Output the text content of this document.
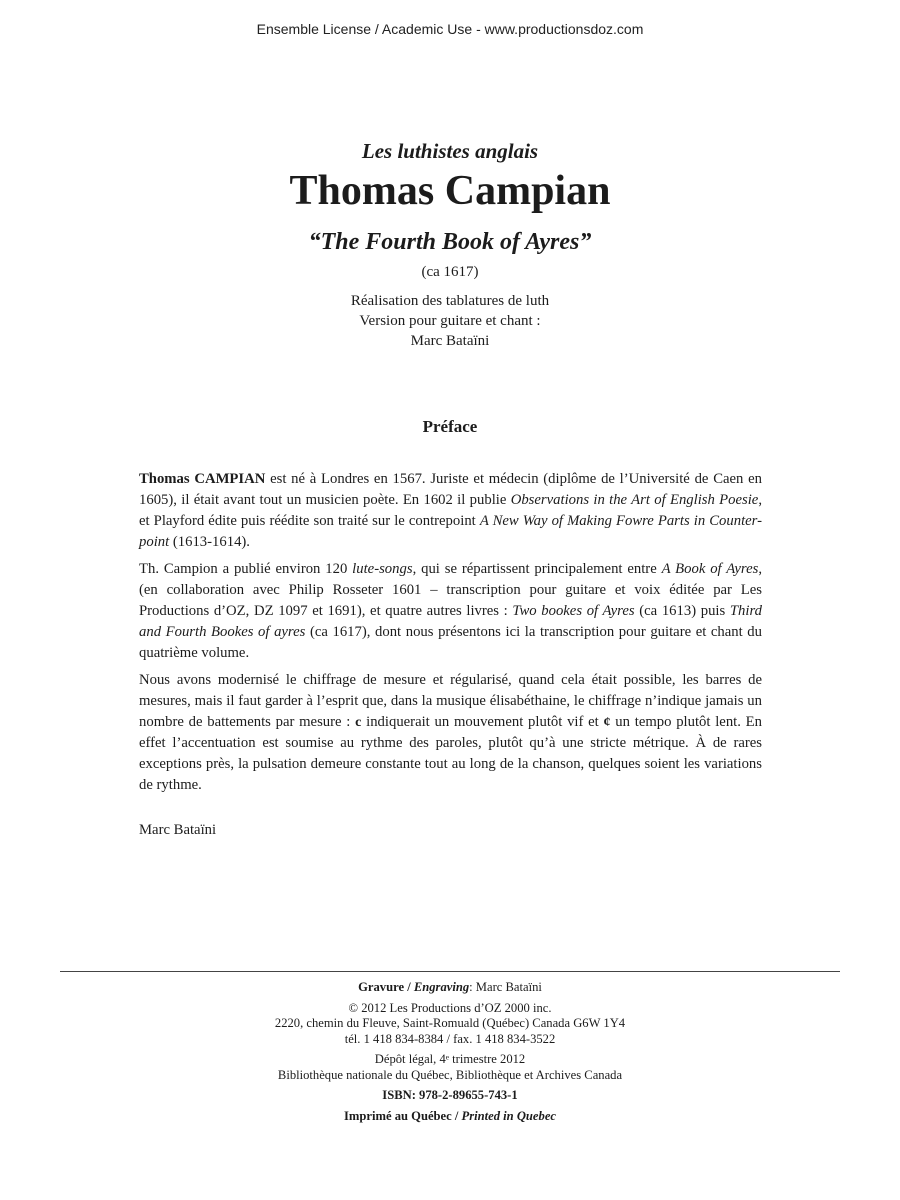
Ensemble License / Academic Use - www.productionsdoz.com
Les luthistes anglais
Thomas Campian
“The Fourth Book of Ayres”
(ca 1617)
Réalisation des tablatures de luth
Version pour guitare et chant :
Marc Bataïni
Préface

Thomas CAMPIAN est né à Londres en 1567. Juriste et médecin (diplôme de l’Université de Caen en 1605), il était avant tout un musicien poète. En 1602 il publie Observations in the Art of English Poesie, et Playford édite puis réédite son traité sur le contrepoint A New Way of Making Fowre Parts in Counter-point (1613-1614).

Th. Campion a publié environ 120 lute-songs, qui se répartissent principalement entre A Book of Ayres, (en collaboration avec Philip Rosseter 1601 – transcription pour guitare et voix éditée par Les Productions d’OZ, DZ 1097 et 1691), et quatre autres livres : Two bookes of Ayres (ca 1613) puis Third and Fourth Bookes of ayres (ca 1617), dont nous présentons ici la transcription pour guitare et chant du quatrième volume.

Nous avons modernisé le chiffrage de mesure et régularisé, quand cela était possible, les barres de mesures, mais il faut garder à l’esprit que, dans la musique élisabéthaine, le chiffrage n’indique jamais un nombre de battements par mesure : c indiquerait un mouvement plutôt vif et ¢ un tempo plutôt lent. En effet l’accentuation est soumise au rythme des paroles, plutôt qu’à une stricte métrique. À de rares exceptions près, la pulsation demeure constante tout au long de la chanson, quelques soient les variations de rythme.

Marc Bataïni
Gravure / Engraving: Marc Bataïni
© 2012 Les Productions d’OZ 2000 inc.
2220, chemin du Fleuve, Saint-Romuald (Québec) Canada G6W 1Y4
tél. 1 418 834-8384 / fax. 1 418 834-3522
Dépôt légal, 4ᵉ trimestre 2012
Bibliothèque nationale du Québec, Bibliothèque et Archives Canada
ISBN: 978-2-89655-743-1
Imprimé au Québec / Printed in Quebec
